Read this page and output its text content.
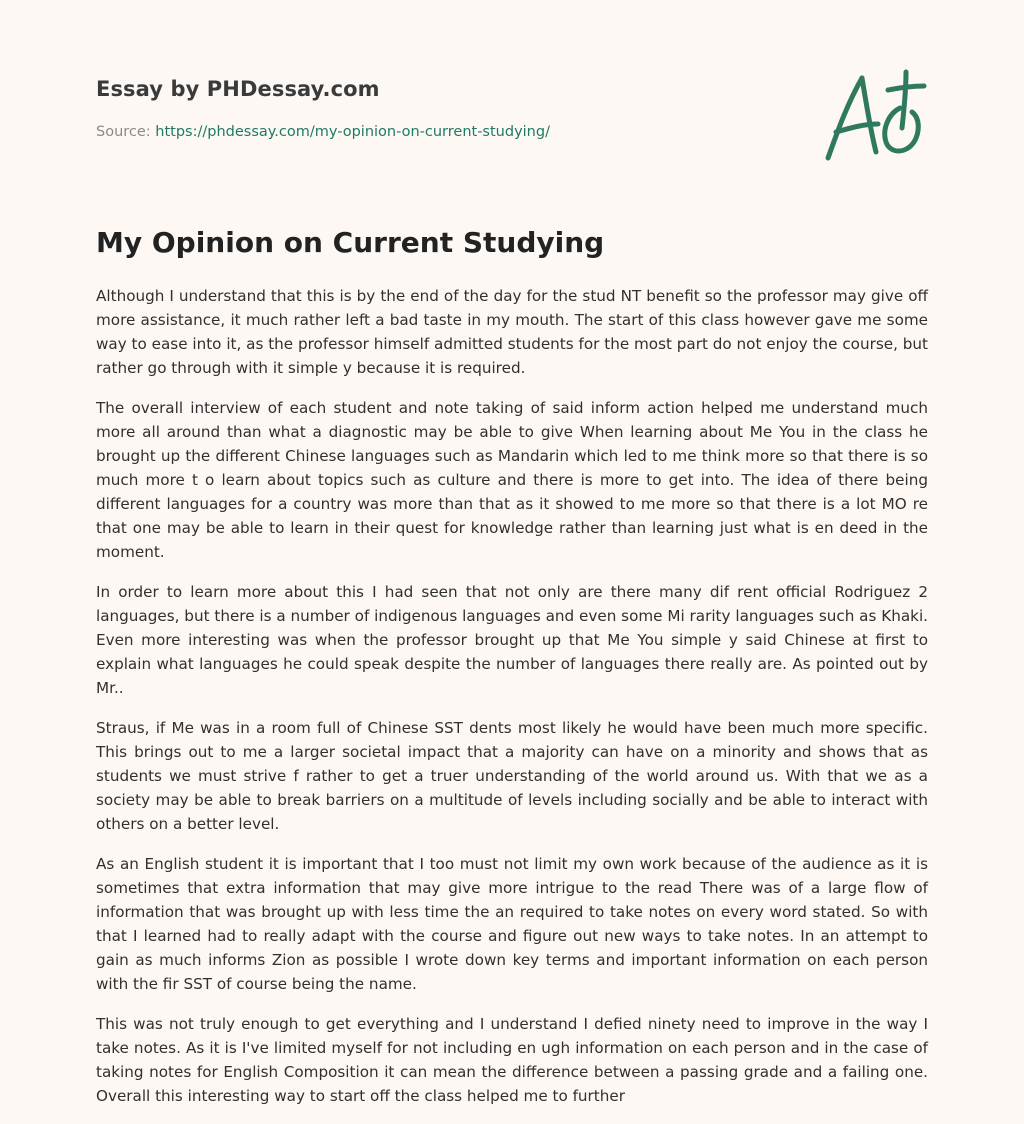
Essay by PHDessay.com
Source: https://phdessay.com/my-opinion-on-current-studying/
My Opinion on Current Studying

Although I understand that this is by the end of the day for the stud NT benefit so the professor may give off more assistance, it much rather left a bad taste in my mouth. The start of this class however gave me some way to ease into it, as the professor himself admitted students for the most part do not enjoy the course, but rather go through with it simple y because it is required.

The overall interview of each student and note taking of said inform action helped me understand much more all around than what a diagnostic may be able to give When learning about Me You in the class he brought up the different Chinese languages such as Mandarin which led to me think more so that there is so much more t o learn about topics such as culture and there is more to get into. The idea of there being different languages for a country was more than that as it showed to me more so that there is a lot MO re that one may be able to learn in their quest for knowledge rather than learning just what is en deed in the moment.

In order to learn more about this I had seen that not only are there many dif rent official Rodriguez 2 languages, but there is a number of indigenous languages and even some Mi rarity languages such as Khaki. Even more interesting was when the professor brought up that Me You simple y said Chinese at first to explain what languages he could speak despite the number of languages there really are. As pointed out by Mr..

Straus, if Me was in a room full of Chinese SST dents most likely he would have been much more specific. This brings out to me a larger societal impact that a majority can have on a minority and shows that as students we must strive f rather to get a truer understanding of the world around us. With that we as a society may be able to break barriers on a multitude of levels including socially and be able to interact with others on a better level.

As an English student it is important that I too must not limit my own work because of the audience as it is sometimes that extra information that may give more intrigue to the read There was of a large flow of information that was brought up with less time the an required to take notes on every word stated. So with that I learned had to really adapt with the course and figure out new ways to take notes. In an attempt to gain as much informs Zion as possible I wrote down key terms and important information on each person with the fir SST of course being the name.

This was not truly enough to get everything and I understand I defied ninety need to improve in the way I take notes. As it is I've limited myself for not including en ugh information on each person and in the case of taking notes for English Composition it can mean the difference between a passing grade and a failing one. Overall this interesting way to start off the class helped me to further
